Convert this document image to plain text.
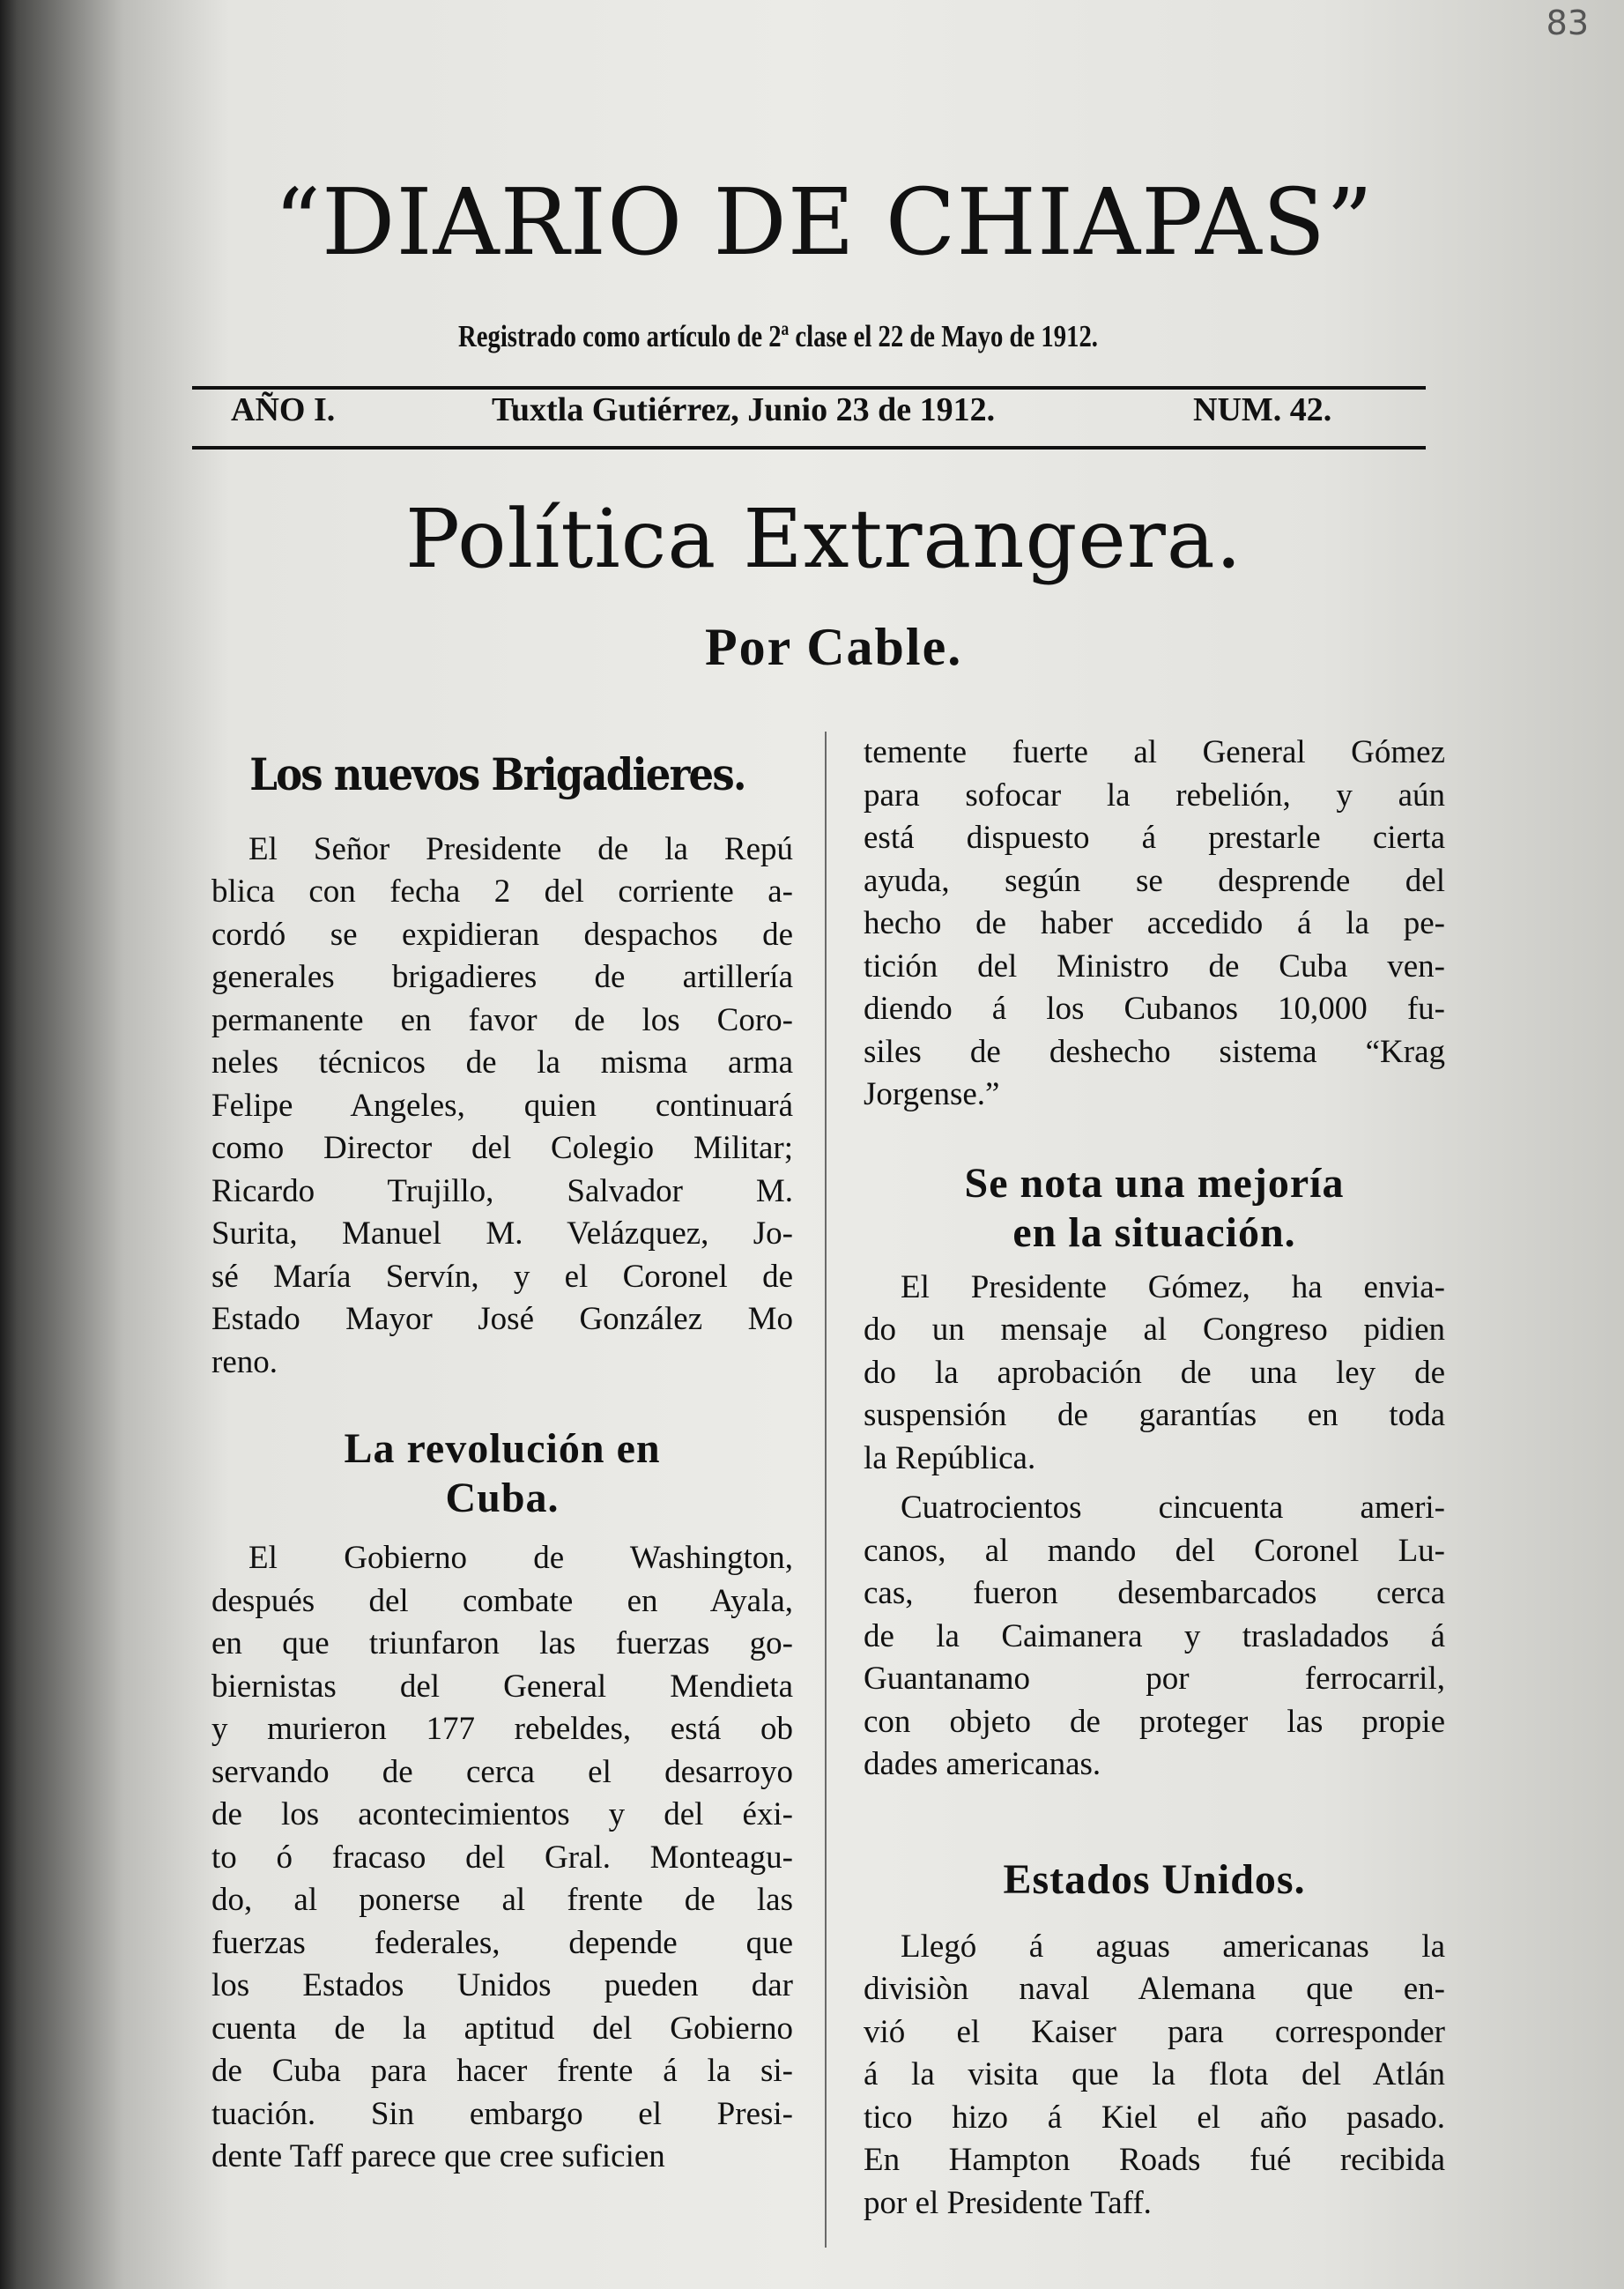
83
“DIARIO DE CHIAPAS”
Registrado como artículo de 2ª clase el 22 de Mayo de 1912.
AÑO I.	Tuxtla Gutiérrez, Junio 23 de 1912.	NUM. 42.
Política Extrangera.
Por Cable.
Los nuevos Brigadieres.
El Señor Presidente de la Repú
blica con fecha 2 del corriente a-
cordó se expidieran despachos de
generales brigadieres de artillería
permanente en favor de los Coro-
neles técnicos de la misma arma
Felipe Angeles, quien continuará
como Director del Colegio Militar;
Ricardo Trujillo, Salvador M.
Surita, Manuel M. Velázquez, Jo-
sé María Servín, y el Coronel de
Estado Mayor José González Mo
reno.
La revolución en
Cuba.
El Gobierno de Washington,
después del combate en Ayala,
en que triunfaron las fuerzas go-
biernistas del General Mendieta
y murieron 177 rebeldes, está ob
servando de cerca el desarroyo
de los acontecimientos y del éxi-
to ó fracaso del Gral. Monteagu-
do, al ponerse al frente de las
fuerzas federales, depende que
los Estados Unidos pueden dar
cuenta de la aptitud del Gobierno
de Cuba para hacer frente á la si-
tuación. Sin embargo el Presi-
dente Taff parece que cree suficien
temente fuerte al General Gómez
para sofocar la rebelión, y aún
está dispuesto á prestarle cierta
ayuda, según se desprende del
hecho de haber accedido á la pe-
tición del Ministro de Cuba ven-
diendo á los Cubanos 10,000 fu-
siles de deshecho sistema “Krag
Jorgense.”
Se nota una mejoría
en la situación.
El Presidente Gómez, ha envia-
do un mensaje al Congreso pidien
do la aprobación de una ley de
suspensión de garantías en toda
la República.
Cuatrocientos cincuenta ameri-
canos, al mando del Coronel Lu-
cas, fueron desembarcados cerca
de la Caimanera y trasladados á
Guantanamo por ferrocarril,
con objeto de proteger las propie
dades americanas.
Estados Unidos.
Llegó á aguas americanas la
divisiòn naval Alemana que en-
vió el Kaiser para corresponder
á la visita que la flota del Atlán
tico hizo á Kiel el año pasado.
En Hampton Roads fué recibida
por el Presidente Taff.
